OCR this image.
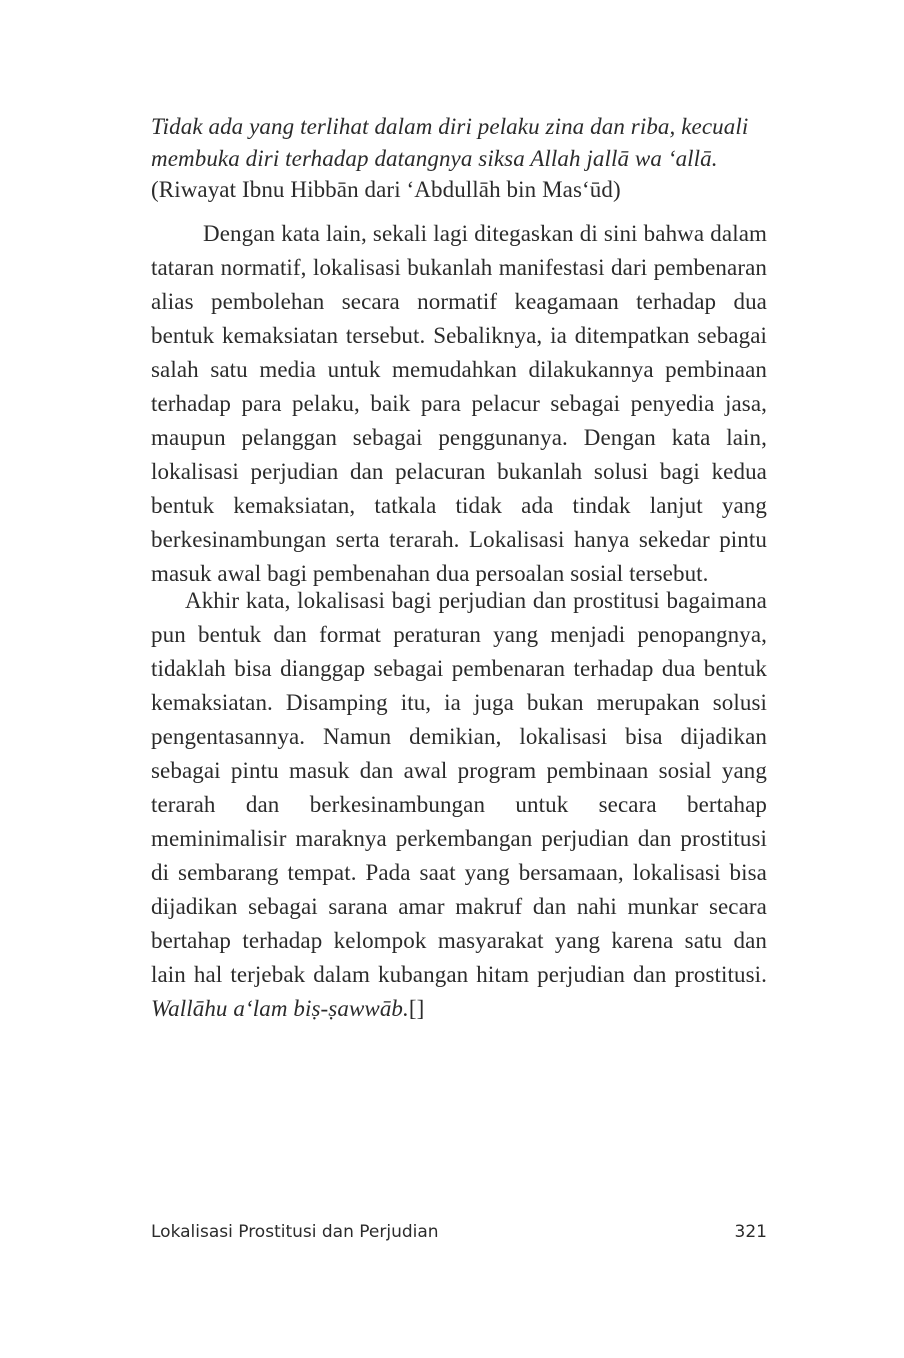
Tidak ada yang terlihat dalam diri pelaku zina dan riba, kecuali membuka diri terhadap datangnya siksa Allah jallā wa ‘allā. (Riwayat Ibnu Hibbān dari ‘Abdullāh bin Mas‘ūd)

Dengan kata lain, sekali lagi ditegaskan di sini bahwa dalam tataran normatif, lokalisasi bukanlah manifestasi dari pembenaran alias pembolehan secara normatif keagamaan terhadap dua bentuk kemaksiatan tersebut. Sebaliknya, ia ditempatkan sebagai salah satu media untuk memudahkan dilakukannya pembinaan terhadap para pelaku, baik para pelacur sebagai penyedia jasa, maupun pelanggan sebagai penggunanya. Dengan kata lain, lokalisasi perjudian dan pelacuran bukanlah solusi bagi kedua bentuk kemaksiatan, tatkala tidak ada tindak lanjut yang berkesinambungan serta terarah. Lokalisasi hanya sekedar pintu masuk awal bagi pembenahan dua persoalan sosial tersebut.

Akhir kata, lokalisasi bagi perjudian dan prostitusi bagaimana pun bentuk dan format peraturan yang menjadi penopangnya, tidaklah bisa dianggap sebagai pembenaran terhadap dua bentuk kemaksiatan. Disamping itu, ia juga bukan merupakan solusi pengentasannya. Namun demikian, lokalisasi bisa dijadikan sebagai pintu masuk dan awal program pembinaan sosial yang terarah dan berkesinambungan untuk secara bertahap meminimalisir maraknya perkembangan perjudian dan prostitusi di sembarang tempat. Pada saat yang bersamaan, lokalisasi bisa dijadikan sebagai sarana amar makruf dan nahi munkar secara bertahap terhadap kelompok masyarakat yang karena satu dan lain hal terjebak dalam kubangan hitam perjudian dan prostitusi. Wallāhu a‘lam biṣ-ṣawwāb.[]
Lokalisasi Prostitusi dan Perjudian	321
